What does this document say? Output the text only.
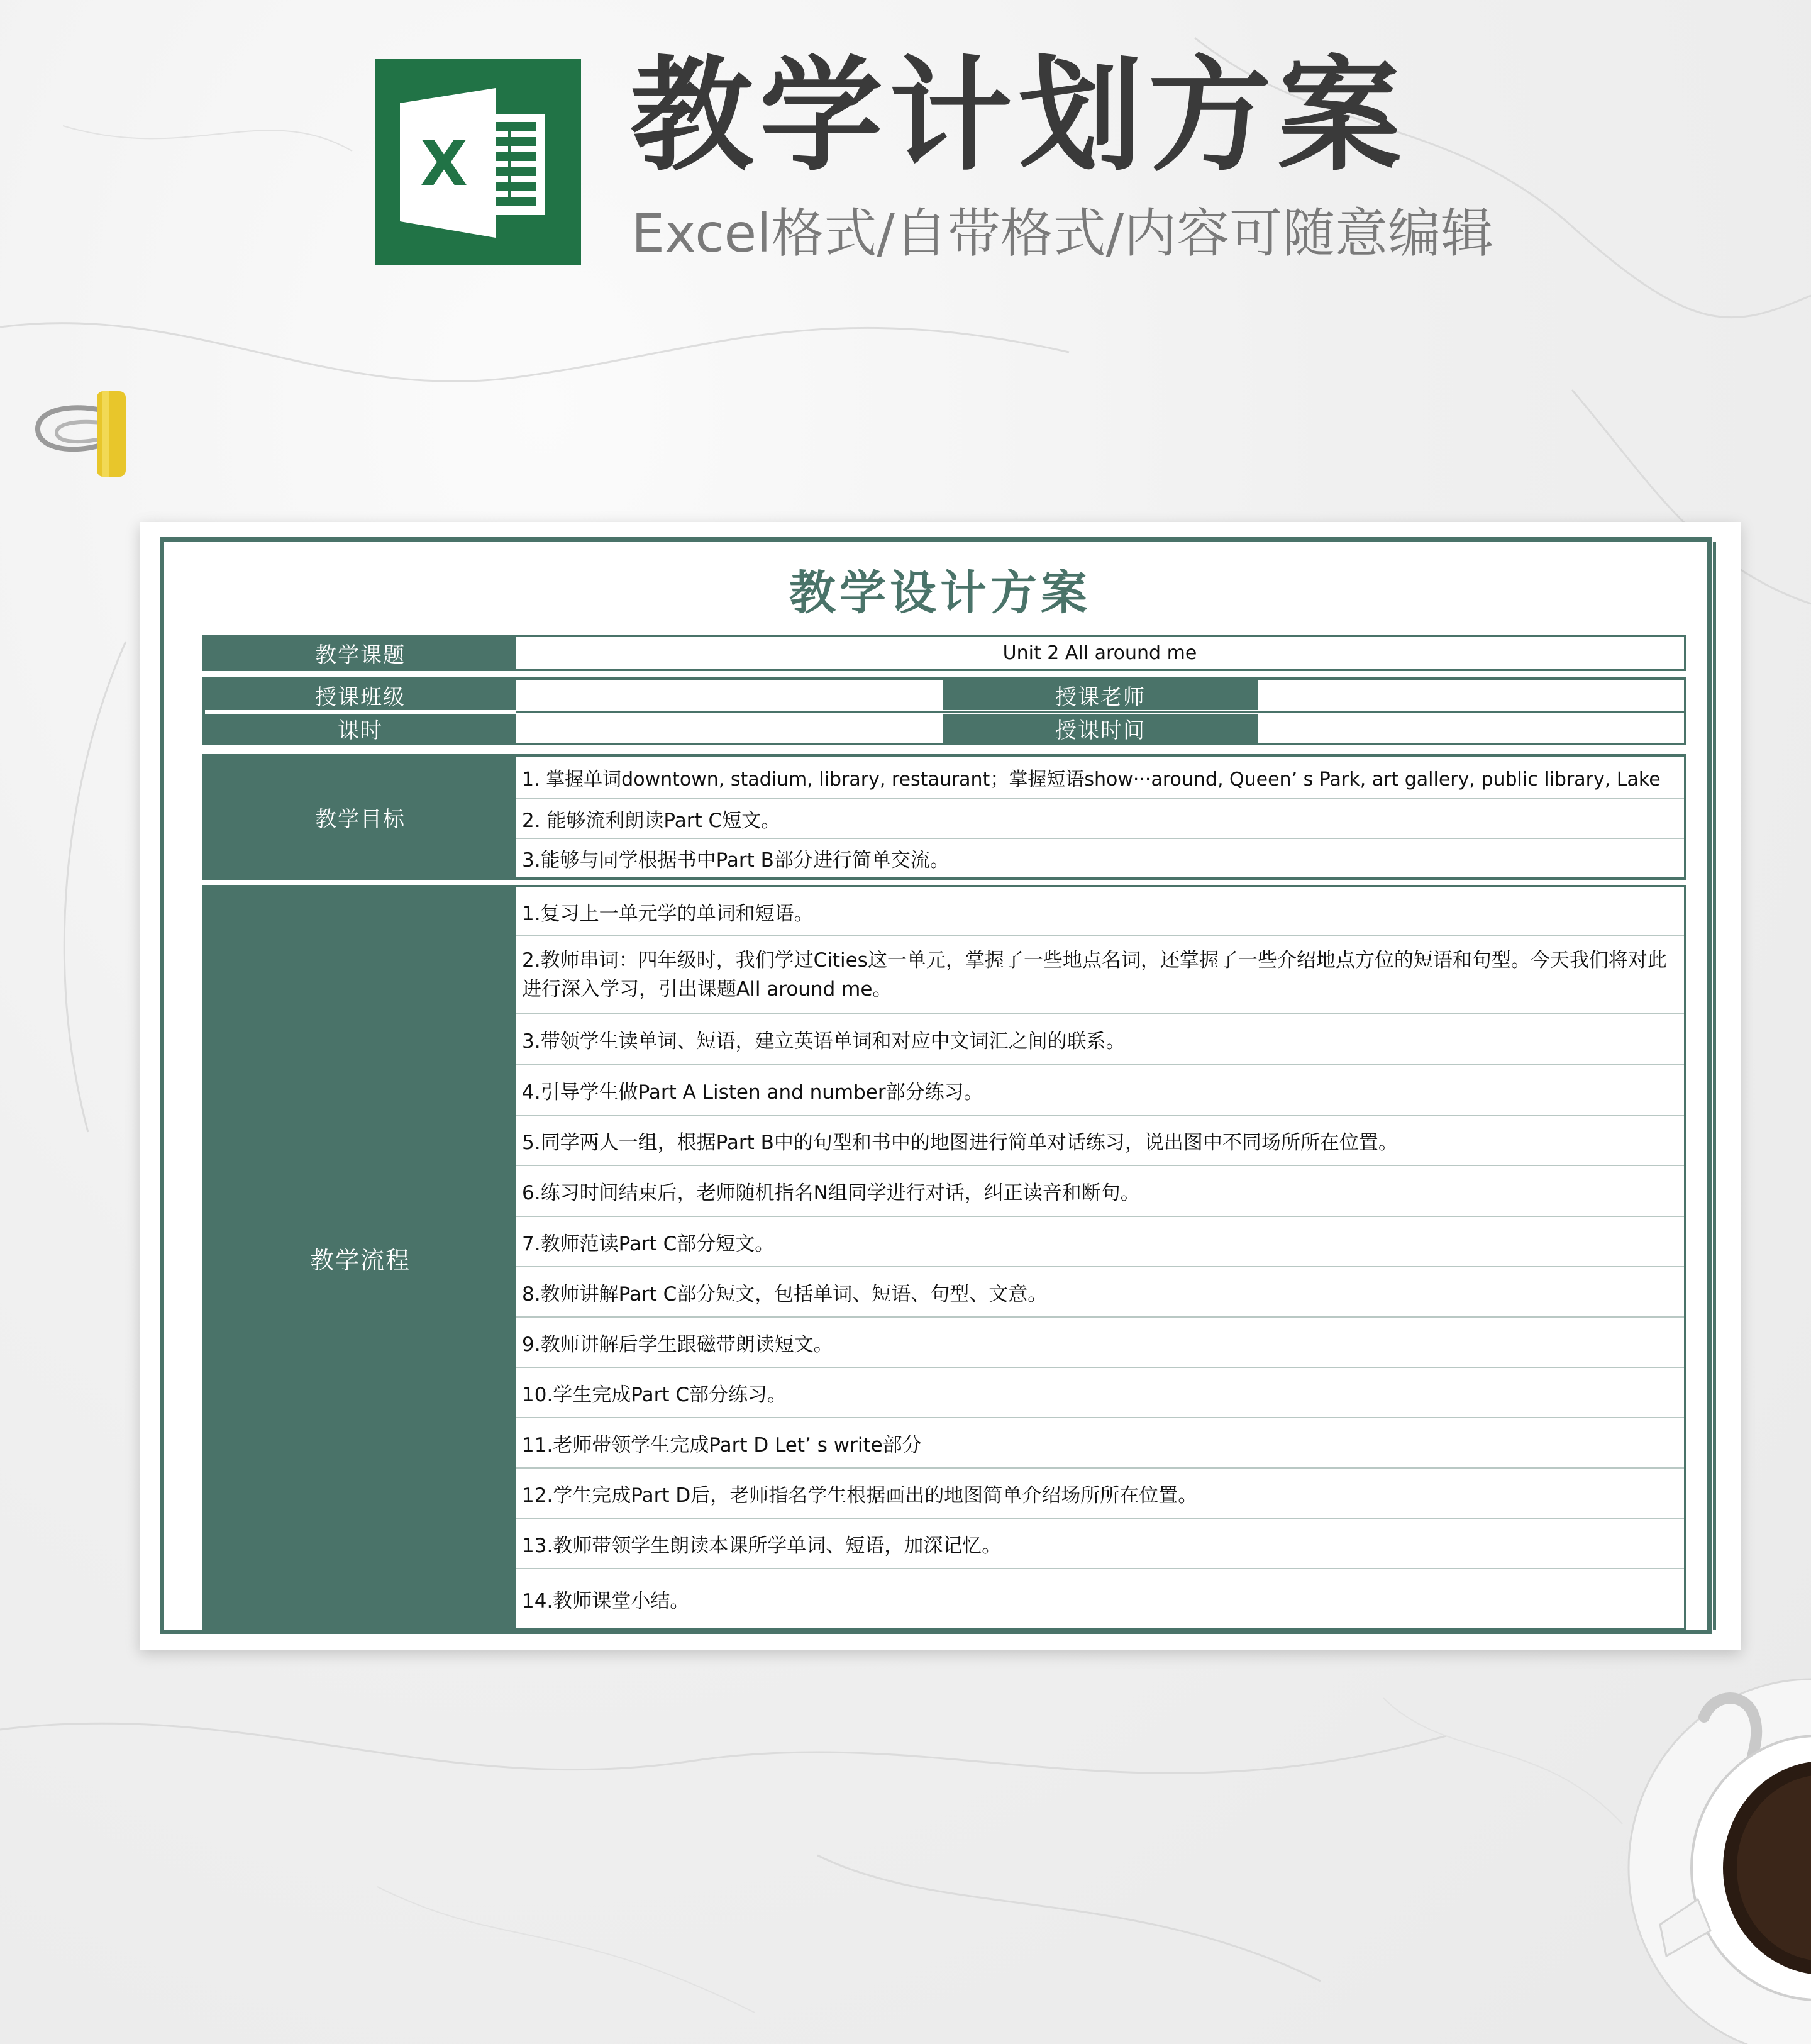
X 教学计划方案

Excel格式/自带格式/内容可随意编辑

教学设计方案
教学课题	Unit 2 All around me
授课班级	授课老师
课时	授课时间
教学目标
1. 掌握单词downtown, stadium, library, restaurant；掌握短语show···around, Queen’ s Park, art gallery, public library, Lake
2. 能够流利朗读Part C短文。
3.能够与同学根据书中Part B部分进行简单交流。
教学流程
1.复习上一单元学的单词和短语。
2.教师串词：四年级时，我们学过Cities这一单元，掌握了一些地点名词，还掌握了一些介绍地点方位的短语和句型。今天我们将对此进行深入学习，引出课题All around me。
3.带领学生读单词、短语，建立英语单词和对应中文词汇之间的联系。
4.引导学生做Part A Listen and number部分练习。
5.同学两人一组，根据Part B中的句型和书中的地图进行简单对话练习，说出图中不同场所所在位置。
6.练习时间结束后，老师随机指名N组同学进行对话，纠正读音和断句。
7.教师范读Part C部分短文。
8.教师讲解Part C部分短文，包括单词、短语、句型、文意。
9.教师讲解后学生跟磁带朗读短文。
10.学生完成Part C部分练习。
11.老师带领学生完成Part D Let’ s write部分
12.学生完成Part D后，老师指名学生根据画出的地图简单介绍场所所在位置。
13.教师带领学生朗读本课所学单词、短语，加深记忆。
14.教师课堂小结。
